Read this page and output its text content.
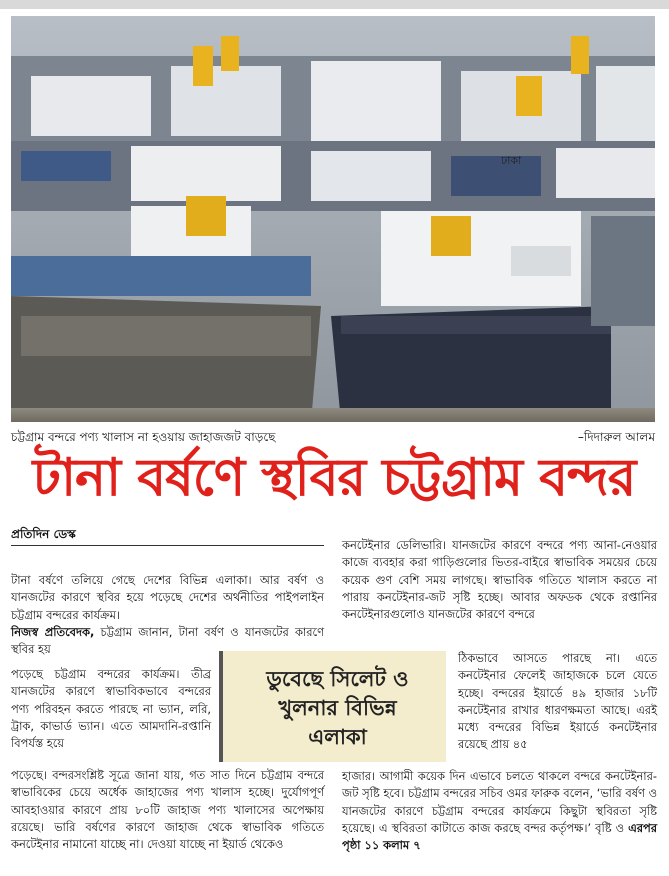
ঢাকা
চট্টগ্রাম বন্দরে পণ্য খালাস না হওয়ায় জাহাজজট বাড়ছে	–দিদারুল আলম
টানা বর্ষণে স্থবির চট্টগ্রাম বন্দর
প্রতিদিন ডেস্ক

টানা বর্ষণে তলিয়ে গেছে দেশের বিভিন্ন এলাকা। আর বর্ষণ ও যানজটের কারণে স্থবির হয়ে পড়েছে দেশের অর্থনীতির পাইপলাইন চট্টগ্রাম বন্দরের কার্যক্রম।

নিজস্ব প্রতিবেদক, চট্টগ্রাম জানান, টানা বর্ষণ ও যানজটের কারণে স্থবির হয়

পড়েছে চট্টগ্রাম বন্দরের কার্যক্রম। তীব্র যানজটের কারণে স্বাভাবিকভাবে বন্দরের পণ্য পরিবহন করতে পারছে না ভ্যান, লরি, ট্রাক, কাভার্ড ভ্যান। এতে আমদানি-রপ্তানি বিপর্যস্ত হয়ে

পড়েছে। বন্দরসংশ্লিষ্ট সূত্রে জানা যায়, গত সাত দিনে চট্টগ্রাম বন্দরে স্বাভাবিকের চেয়ে অর্ধেক জাহাজের পণ্য খালাস হচ্ছে। দুর্যোগপূর্ণ আবহাওয়ার কারণে প্রায় ৮০টি জাহাজ পণ্য খালাসের অপেক্ষায় রয়েছে। ভারি বর্ষণের কারণে জাহাজ থেকে স্বাভাবিক গতিতে কনটেইনার নামানো যাচ্ছে না। দেওয়া যাচ্ছে না ইয়ার্ড থেকেও

ডুবেছে সিলেট ও
খুলনার বিভিন্ন
এলাকা

কনটেইনার ডেলিভারি। যানজটের কারণে বন্দরে পণ্য আনা-নেওয়ার কাজে ব্যবহার করা গাড়িগুলোর ভিতর-বাইরে স্বাভাবিক সময়ের চেয়ে কয়েক গুণ বেশি সময় লাগছে। স্বাভাবিক গতিতে খালাস করতে না পারায় কনটেইনার-জট সৃষ্টি হচ্ছে। আবার অফডক থেকে রপ্তানির কনটেইনারগুলোও যানজটের কারণে বন্দরে

ঠিকভাবে আসতে পারছে না। এতে কনটেইনার ফেলেই জাহাজকে চলে যেতে হচ্ছে। বন্দরের ইয়ার্ডে ৪৯ হাজার ১৮টি কনটেইনার রাখার ধারণক্ষমতা আছে। এরই মধ্যে বন্দরের বিভিন্ন ইয়ার্ডে কনটেইনার রয়েছে প্রায় ৪৫

হাজার। আগামী কয়েক দিন এভাবে চলতে থাকলে বন্দরে কনটেইনার-জট সৃষ্টি হবে। চট্টগ্রাম বন্দরের সচিব ওমর ফারুক বলেন, ‘ভারি বর্ষণ ও যানজটের কারণে চট্টগ্রাম বন্দরের কার্যক্রমে কিছুটা স্থবিরতা সৃষ্টি হয়েছে। এ স্থবিরতা কাটাতে কাজ করছে বন্দর কর্তৃপক্ষ।’ বৃষ্টি ও এরপর পৃষ্ঠা ১১ কলাম ৭
